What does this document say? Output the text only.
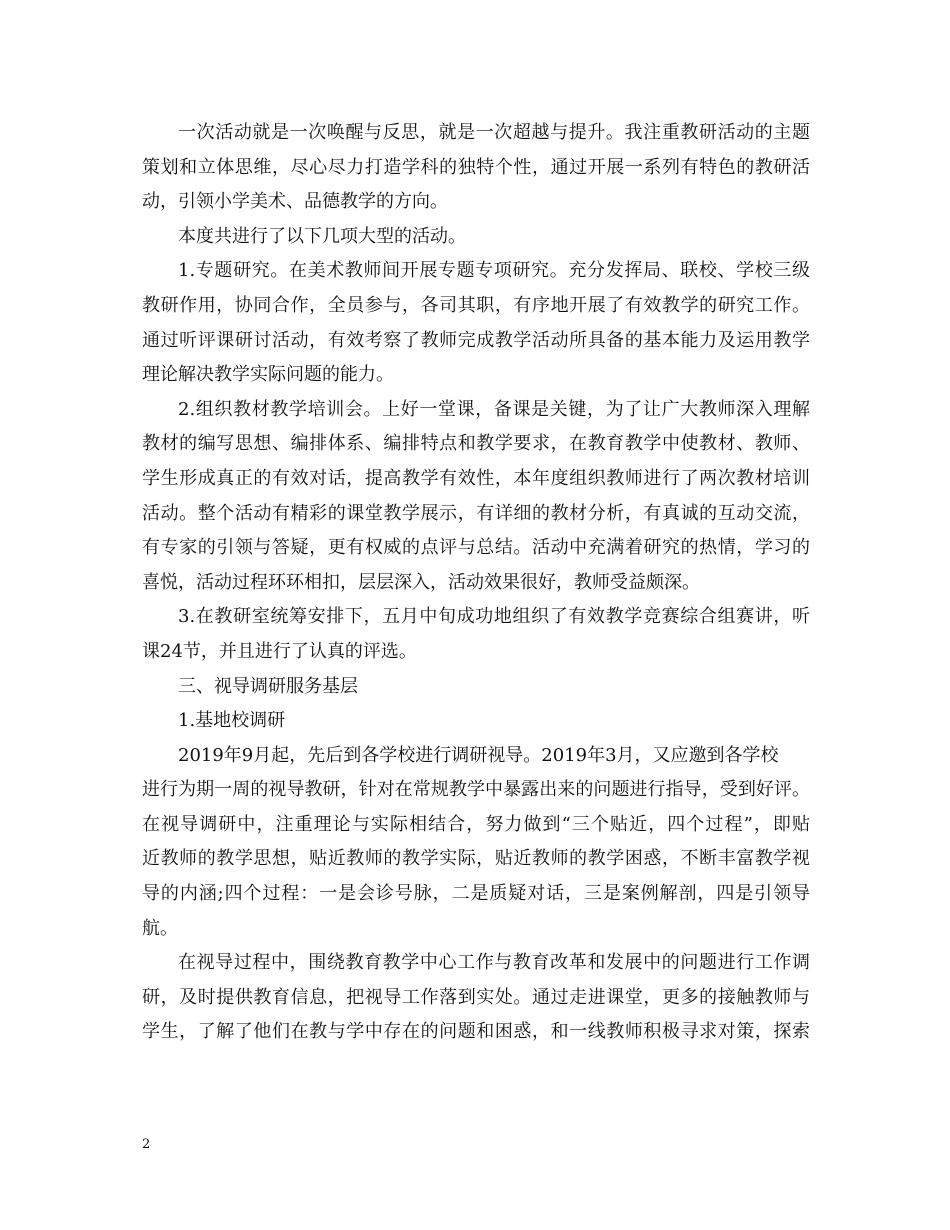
一次活动就是一次唤醒与反思，就是一次超越与提升。我注重教研活动的主题
策划和立体思维，尽心尽力打造学科的独特个性，通过开展一系列有特色的教研活
动，引领小学美术、品德教学的方向。
本度共进行了以下几项大型的活动。
1.专题研究。在美术教师间开展专题专项研究。充分发挥局、联校、学校三级
教研作用，协同合作，全员参与，各司其职，有序地开展了有效教学的研究工作。
通过听评课研讨活动，有效考察了教师完成教学活动所具备的基本能力及运用教学
理论解决教学实际问题的能力。
2.组织教材教学培训会。上好一堂课，备课是关键，为了让广大教师深入理解
教材的编写思想、编排体系、编排特点和教学要求，在教育教学中使教材、教师、
学生形成真正的有效对话，提高教学有效性，本年度组织教师进行了两次教材培训
活动。整个活动有精彩的课堂教学展示，有详细的教材分析，有真诚的互动交流，
有专家的引领与答疑，更有权威的点评与总结。活动中充满着研究的热情，学习的
喜悦，活动过程环环相扣，层层深入，活动效果很好，教师受益颇深。
3.在教研室统筹安排下，五月中旬成功地组织了有效教学竞赛综合组赛讲，听
课24节，并且进行了认真的评选。
三、视导调研服务基层
1.基地校调研
2019年9月起，先后到各学校进行调研视导。2019年3月，又应邀到各学校
进行为期一周的视导教研，针对在常规教学中暴露出来的问题进行指导，受到好评。
在视导调研中，注重理论与实际相结合，努力做到“三个贴近，四个过程”，即贴
近教师的教学思想，贴近教师的教学实际，贴近教师的教学困惑，不断丰富教学视
导的内涵;四个过程：一是会诊号脉，二是质疑对话，三是案例解剖，四是引领导
航。
在视导过程中，围绕教育教学中心工作与教育改革和发展中的问题进行工作调
研，及时提供教育信息，把视导工作落到实处。通过走进课堂，更多的接触教师与
学生，了解了他们在教与学中存在的问题和困惑，和一线教师积极寻求对策，探索
2
